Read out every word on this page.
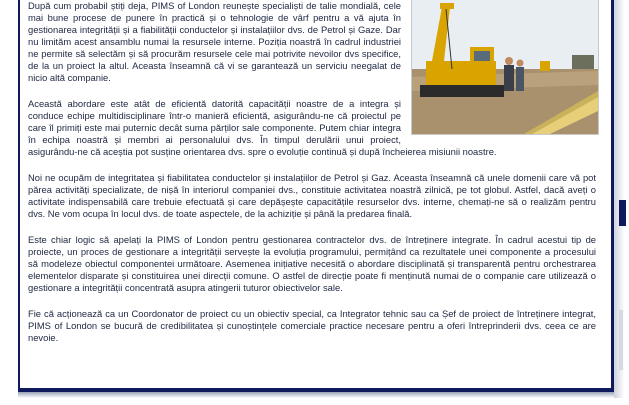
După cum probabil știți deja, PIMS of London reunește specialiști de talie mondială, cele mai bune procese de punere în practică și o tehnologie de vârf pentru a vă ajuta în gestionarea integrității și a fiabilității conductelor și instalațiilor dvs. de Petrol și Gaze. Dar nu limităm acest ansamblu numai la resursele interne. Poziția noastră în cadrul industriei ne permite să selectăm și să procurăm resursele cele mai potrivite nevoilor dvs specifice, de la un proiect la altul. Aceasta înseamnă că vi se garantează un serviciu neegalat de nicio altă companie.

Această abordare este atât de eficientă datorită capacității noastre de a integra și conduce echipe multidisciplinare într-o manieră eficientă, asigurându-ne că proiectul pe care îl primiți este mai puternic decât suma părților sale componente. Putem chiar integra în echipa noastră și membri ai personalului dvs. În timpul derulării unui proiect, asigurându-ne că aceștia pot susține orientarea dvs. spre o evoluție continuă și după încheierea misiunii noastre.

Noi ne ocupăm de integritatea și fiabilitatea conductelor și instalațiilor de Petrol și Gaz. Aceasta înseamnă că unele domenii care vă pot părea activități specializate, de nișă în interiorul companiei dvs., constituie activitatea noastră zilnică, pe tot globul. Astfel, dacă aveți o activitate indispensabilă care trebuie efectuată și care depășește capacitățile resurselor dvs. interne, chemați-ne să o realizăm pentru dvs. Ne vom ocupa în locul dvs. de toate aspectele, de la achiziție și până la predarea finală.

Este chiar logic să apelați la PIMS of London pentru gestionarea contractelor dvs. de întreținere integrate. În cadrul acestui tip de proiecte, un proces de gestionare a integrității servește la evoluția programului, permițând ca rezultatele unei componente a procesului să modeleze obiectul componentei următoare. Asemenea inițiative necesită o abordare disciplinată și transparentă pentru orchestrarea elementelor disparate și constituirea unei direcții comune. O astfel de direcție poate fi menținută numai de o companie care utilizează o gestionare a integrității concentrată asupra atingerii tuturor obiectivelor sale.

Fie că acționează ca un Coordonator de proiect cu un obiectiv special, ca Integrator tehnic sau ca Șef de proiect de întreținere integrat, PIMS of London se bucură de credibilitatea și cunoștințele comerciale practice necesare pentru a oferi întreprinderii dvs. ceea ce are nevoie.
